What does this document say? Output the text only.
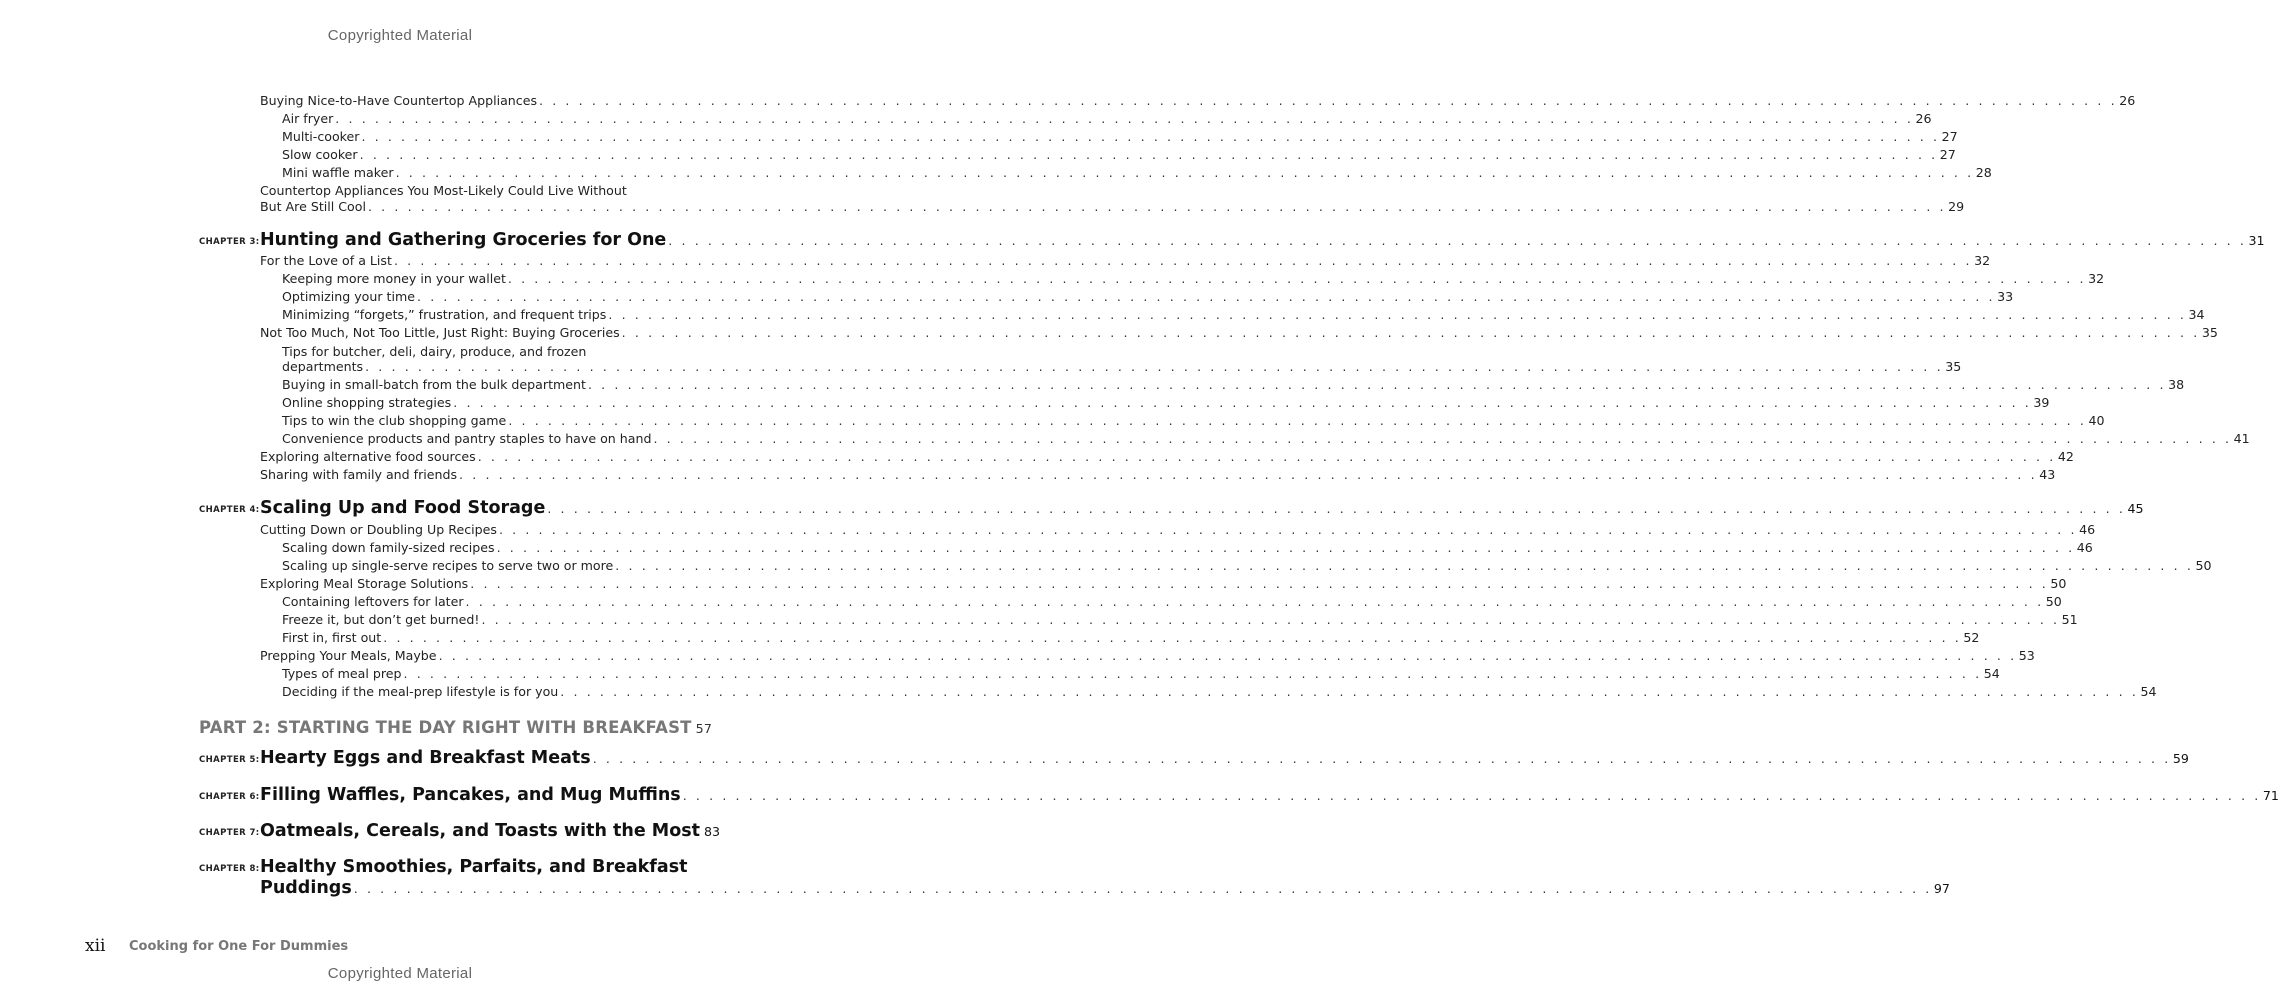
Copyrighted Material
Buying Nice-to-Have Countertop Appliances . . . . . . . . . . . . . . . . . . . . . . . . . . . . . . . . . . . . . . . . . . . . . . . . . . . . . . . . . . . . . . . . . . . . . . . . . . . . . . . . . . . . . . . . . . . . . . . . . . . . . . . . . . . . . . . . . . . . . . . . 26
Air fryer . . . . . . . . . . . . . . . . . . . . . . . . . . . . . . . . . . . . . . . . . . . . . . . . . . . . . . . . . . . . . . . . . . . . . . . . . . . . . . . . . . . . . . . . . . . . . . . . . . . . . . . . . . . . . . . . . . . . . . . . 26
Multi-cooker . . . . . . . . . . . . . . . . . . . . . . . . . . . . . . . . . . . . . . . . . . . . . . . . . . . . . . . . . . . . . . . . . . . . . . . . . . . . . . . . . . . . . . . . . . . . . . . . . . . . . . . . . . . . . . . . . . . . . . . . 27
Slow cooker . . . . . . . . . . . . . . . . . . . . . . . . . . . . . . . . . . . . . . . . . . . . . . . . . . . . . . . . . . . . . . . . . . . . . . . . . . . . . . . . . . . . . . . . . . . . . . . . . . . . . . . . . . . . . . . . . . . . . . . . 27
Mini waffle maker . . . . . . . . . . . . . . . . . . . . . . . . . . . . . . . . . . . . . . . . . . . . . . . . . . . . . . . . . . . . . . . . . . . . . . . . . . . . . . . . . . . . . . . . . . . . . . . . . . . . . . . . . . . . . . . . . . . . . . . . 28
Countertop Appliances You Most-Likely Could Live Without
But Are Still Cool . . . . . . . . . . . . . . . . . . . . . . . . . . . . . . . . . . . . . . . . . . . . . . . . . . . . . . . . . . . . . . . . . . . . . . . . . . . . . . . . . . . . . . . . . . . . . . . . . . . . . . . . . . . . . . . . . . . . . . . . 29
CHAPTER 3: Hunting and Gathering Groceries for One . . . . . . . . . . . . . . . . . . . . . . . . . . . . . . . . . . . . . . . . . . . . . . . . . . . . . . . . . . . . . . . . . . . . . . . . . . . . . . . . . . . . . . . . . . . . . . . . . . . . . . . . . . . . . . . . . . . . . . . . 31
For the Love of a List . . . . . . . . . . . . . . . . . . . . . . . . . . . . . . . . . . . . . . . . . . . . . . . . . . . . . . . . . . . . . . . . . . . . . . . . . . . . . . . . . . . . . . . . . . . . . . . . . . . . . . . . . . . . . . . . . . . . . . . . 32
Keeping more money in your wallet . . . . . . . . . . . . . . . . . . . . . . . . . . . . . . . . . . . . . . . . . . . . . . . . . . . . . . . . . . . . . . . . . . . . . . . . . . . . . . . . . . . . . . . . . . . . . . . . . . . . . . . . . . . . . . . . . . . . . . . . 32
Optimizing your time . . . . . . . . . . . . . . . . . . . . . . . . . . . . . . . . . . . . . . . . . . . . . . . . . . . . . . . . . . . . . . . . . . . . . . . . . . . . . . . . . . . . . . . . . . . . . . . . . . . . . . . . . . . . . . . . . . . . . . . . 33
Minimizing “forgets,” frustration, and frequent trips . . . . . . . . . . . . . . . . . . . . . . . . . . . . . . . . . . . . . . . . . . . . . . . . . . . . . . . . . . . . . . . . . . . . . . . . . . . . . . . . . . . . . . . . . . . . . . . . . . . . . . . . . . . . . . . . . . . . . . . . 34
Not Too Much, Not Too Little, Just Right: Buying Groceries . . . . . . . . . . . . . . . . . . . . . . . . . . . . . . . . . . . . . . . . . . . . . . . . . . . . . . . . . . . . . . . . . . . . . . . . . . . . . . . . . . . . . . . . . . . . . . . . . . . . . . . . . . . . . . . . . . . . . . . . 35
Tips for butcher, deli, dairy, produce, and frozen
departments . . . . . . . . . . . . . . . . . . . . . . . . . . . . . . . . . . . . . . . . . . . . . . . . . . . . . . . . . . . . . . . . . . . . . . . . . . . . . . . . . . . . . . . . . . . . . . . . . . . . . . . . . . . . . . . . . . . . . . . . 35
Buying in small-batch from the bulk department . . . . . . . . . . . . . . . . . . . . . . . . . . . . . . . . . . . . . . . . . . . . . . . . . . . . . . . . . . . . . . . . . . . . . . . . . . . . . . . . . . . . . . . . . . . . . . . . . . . . . . . . . . . . . . . . . . . . . . . . 38
Online shopping strategies . . . . . . . . . . . . . . . . . . . . . . . . . . . . . . . . . . . . . . . . . . . . . . . . . . . . . . . . . . . . . . . . . . . . . . . . . . . . . . . . . . . . . . . . . . . . . . . . . . . . . . . . . . . . . . . . . . . . . . . . 39
Tips to win the club shopping game . . . . . . . . . . . . . . . . . . . . . . . . . . . . . . . . . . . . . . . . . . . . . . . . . . . . . . . . . . . . . . . . . . . . . . . . . . . . . . . . . . . . . . . . . . . . . . . . . . . . . . . . . . . . . . . . . . . . . . . . 40
Convenience products and pantry staples to have on hand . . . . . . . . . . . . . . . . . . . . . . . . . . . . . . . . . . . . . . . . . . . . . . . . . . . . . . . . . . . . . . . . . . . . . . . . . . . . . . . . . . . . . . . . . . . . . . . . . . . . . . . . . . . . . . . . . . . . . . . . 41
Exploring alternative food sources . . . . . . . . . . . . . . . . . . . . . . . . . . . . . . . . . . . . . . . . . . . . . . . . . . . . . . . . . . . . . . . . . . . . . . . . . . . . . . . . . . . . . . . . . . . . . . . . . . . . . . . . . . . . . . . . . . . . . . . . 42
Sharing with family and friends . . . . . . . . . . . . . . . . . . . . . . . . . . . . . . . . . . . . . . . . . . . . . . . . . . . . . . . . . . . . . . . . . . . . . . . . . . . . . . . . . . . . . . . . . . . . . . . . . . . . . . . . . . . . . . . . . . . . . . . . 43
CHAPTER 4: Scaling Up and Food Storage . . . . . . . . . . . . . . . . . . . . . . . . . . . . . . . . . . . . . . . . . . . . . . . . . . . . . . . . . . . . . . . . . . . . . . . . . . . . . . . . . . . . . . . . . . . . . . . . . . . . . . . . . . . . . . . . . . . . . . . . 45
Cutting Down or Doubling Up Recipes . . . . . . . . . . . . . . . . . . . . . . . . . . . . . . . . . . . . . . . . . . . . . . . . . . . . . . . . . . . . . . . . . . . . . . . . . . . . . . . . . . . . . . . . . . . . . . . . . . . . . . . . . . . . . . . . . . . . . . . . 46
Scaling down family-sized recipes . . . . . . . . . . . . . . . . . . . . . . . . . . . . . . . . . . . . . . . . . . . . . . . . . . . . . . . . . . . . . . . . . . . . . . . . . . . . . . . . . . . . . . . . . . . . . . . . . . . . . . . . . . . . . . . . . . . . . . . . 46
Scaling up single-serve recipes to serve two or more . . . . . . . . . . . . . . . . . . . . . . . . . . . . . . . . . . . . . . . . . . . . . . . . . . . . . . . . . . . . . . . . . . . . . . . . . . . . . . . . . . . . . . . . . . . . . . . . . . . . . . . . . . . . . . . . . . . . . . . . 50
Exploring Meal Storage Solutions . . . . . . . . . . . . . . . . . . . . . . . . . . . . . . . . . . . . . . . . . . . . . . . . . . . . . . . . . . . . . . . . . . . . . . . . . . . . . . . . . . . . . . . . . . . . . . . . . . . . . . . . . . . . . . . . . . . . . . . . 50
Containing leftovers for later . . . . . . . . . . . . . . . . . . . . . . . . . . . . . . . . . . . . . . . . . . . . . . . . . . . . . . . . . . . . . . . . . . . . . . . . . . . . . . . . . . . . . . . . . . . . . . . . . . . . . . . . . . . . . . . . . . . . . . . . 50
Freeze it, but don’t get burned! . . . . . . . . . . . . . . . . . . . . . . . . . . . . . . . . . . . . . . . . . . . . . . . . . . . . . . . . . . . . . . . . . . . . . . . . . . . . . . . . . . . . . . . . . . . . . . . . . . . . . . . . . . . . . . . . . . . . . . . . 51
First in, first out . . . . . . . . . . . . . . . . . . . . . . . . . . . . . . . . . . . . . . . . . . . . . . . . . . . . . . . . . . . . . . . . . . . . . . . . . . . . . . . . . . . . . . . . . . . . . . . . . . . . . . . . . . . . . . . . . . . . . . . . 52
Prepping Your Meals, Maybe . . . . . . . . . . . . . . . . . . . . . . . . . . . . . . . . . . . . . . . . . . . . . . . . . . . . . . . . . . . . . . . . . . . . . . . . . . . . . . . . . . . . . . . . . . . . . . . . . . . . . . . . . . . . . . . . . . . . . . . . 53
Types of meal prep . . . . . . . . . . . . . . . . . . . . . . . . . . . . . . . . . . . . . . . . . . . . . . . . . . . . . . . . . . . . . . . . . . . . . . . . . . . . . . . . . . . . . . . . . . . . . . . . . . . . . . . . . . . . . . . . . . . . . . . . 54
Deciding if the meal-prep lifestyle is for you . . . . . . . . . . . . . . . . . . . . . . . . . . . . . . . . . . . . . . . . . . . . . . . . . . . . . . . . . . . . . . . . . . . . . . . . . . . . . . . . . . . . . . . . . . . . . . . . . . . . . . . . . . . . . . . . . . . . . . . . 54
PART 2: STARTING THE DAY RIGHT WITH BREAKFAST 57
CHAPTER 5: Hearty Eggs and Breakfast Meats . . . . . . . . . . . . . . . . . . . . . . . . . . . . . . . . . . . . . . . . . . . . . . . . . . . . . . . . . . . . . . . . . . . . . . . . . . . . . . . . . . . . . . . . . . . . . . . . . . . . . . . . . . . . . . . . . . . . . . . . 59
CHAPTER 6: Filling Waffles, Pancakes, and Mug Muffins . . . . . . . . . . . . . . . . . . . . . . . . . . . . . . . . . . . . . . . . . . . . . . . . . . . . . . . . . . . . . . . . . . . . . . . . . . . . . . . . . . . . . . . . . . . . . . . . . . . . . . . . . . . . . . . . . . . . . . . . 71
CHAPTER 7: Oatmeals, Cereals, and Toasts with the Most 83
CHAPTER 8: Healthy Smoothies, Parfaits, and Breakfast
Puddings . . . . . . . . . . . . . . . . . . . . . . . . . . . . . . . . . . . . . . . . . . . . . . . . . . . . . . . . . . . . . . . . . . . . . . . . . . . . . . . . . . . . . . . . . . . . . . . . . . . . . . . . . . . . . . . . . . . . . . . . 97
xii Cooking for One For Dummies
Copyrighted Material
